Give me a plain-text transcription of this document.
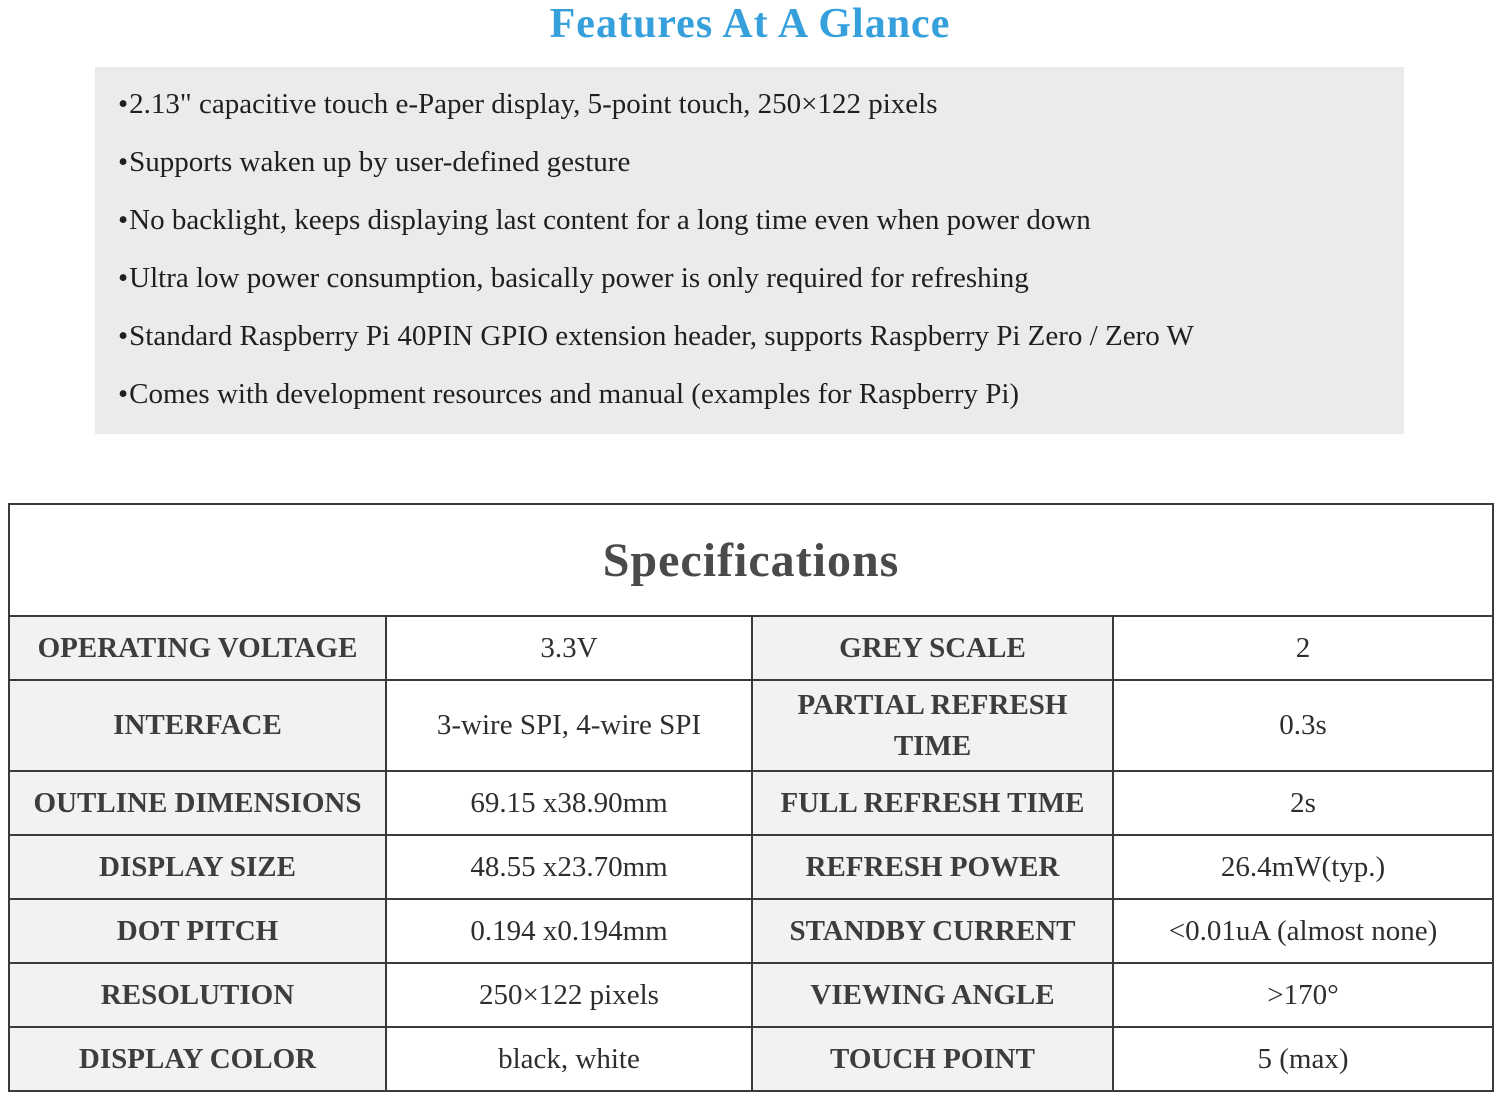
Features At A Glance
•2.13" capacitive touch e-Paper display, 5-point touch, 250×122 pixels
•Supports waken up by user-defined gesture
•No backlight, keeps displaying last content for a long time even when power down
•Ultra low power consumption, basically power is only required for refreshing
•Standard Raspberry Pi 40PIN GPIO extension header, supports Raspberry Pi Zero / Zero W
•Comes with development resources and manual (examples for Raspberry Pi)
Specifications			
OPERATING VOLTAGE	3.3V	GREY SCALE	2
INTERFACE	3-wire SPI, 4-wire SPI	PARTIAL REFRESH TIME	0.3s
OUTLINE DIMENSIONS	69.15 x38.90mm	FULL REFRESH TIME	2s
DISPLAY SIZE	48.55 x23.70mm	REFRESH POWER	26.4mW(typ.)
DOT PITCH	0.194 x0.194mm	STANDBY CURRENT	<0.01uA (almost none)
RESOLUTION	250×122 pixels	VIEWING ANGLE	>170°
DISPLAY COLOR	black, white	TOUCH POINT	5 (max)
